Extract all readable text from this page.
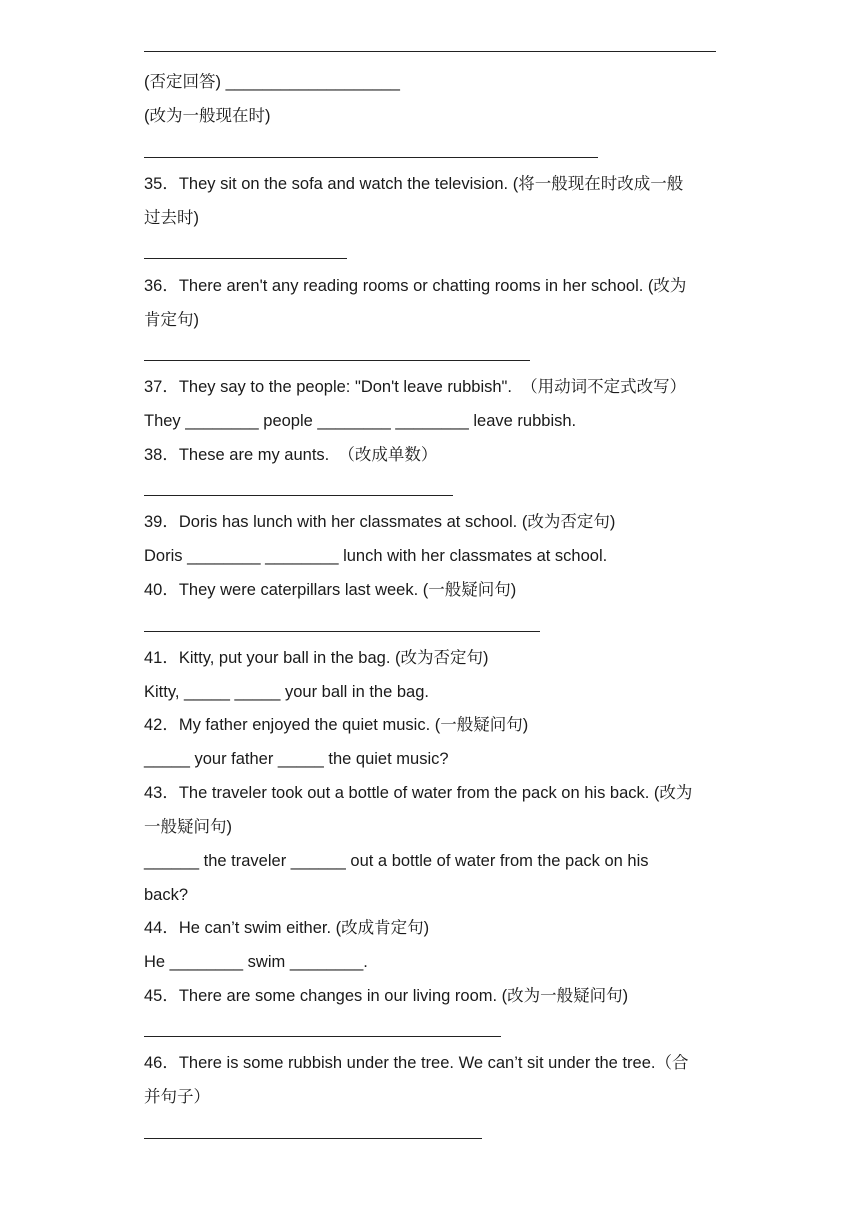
(否定回答) ___________________
(改为一般现在时)
35．They sit on the sofa and watch the television. (将一般现在时改成一般
过去时)
36．There aren't any reading rooms or chatting rooms in her school. (改为
肯定句)
37．They say to the people: "Don't leave rubbish".  （用动词不定式改写）
They ________ people ________ ________ leave rubbish.
38．These are my aunts.  （改成单数）
39．Doris has lunch with her classmates at school. (改为否定句)
Doris ________ ________ lunch with her classmates at school.
40．They were caterpillars last week. (一般疑问句)
41．Kitty, put your ball in the bag. (改为否定句)
Kitty, _____ _____ your ball in the bag.
42．My father enjoyed the quiet music. (一般疑问句)
_____ your father _____ the quiet music?
43．The traveler took out a bottle of water from the pack on his back. (改为
一般疑问句)
______ the traveler ______ out a bottle of water from the pack on his
back?
44．He can’t swim either. (改成肯定句)
He ________ swim ________.
45．There are some changes in our living room. (改为一般疑问句)
46．There is some rubbish under the tree. We can’t sit under the tree.（合
并句子）
